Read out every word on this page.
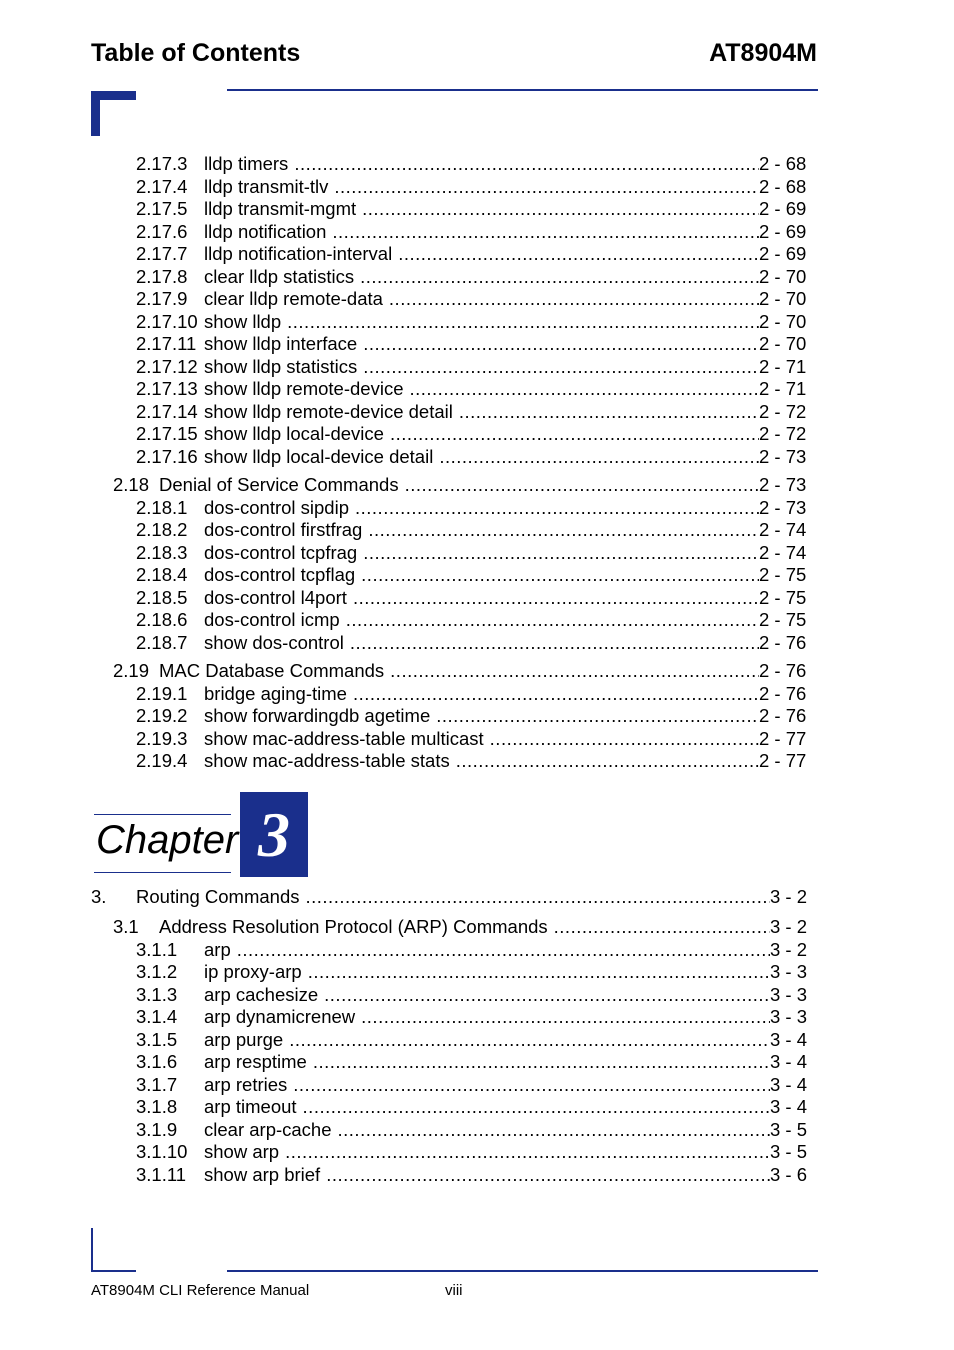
Table of Contents	AT8904M
2.17.3 lldp timers .....	2 - 68
2.17.4 lldp transmit-tlv .....	2 - 68
2.17.5 lldp transmit-mgmt .....	2 - 69
2.17.6 lldp notification .....	2 - 69
2.17.7 lldp notification-interval .....	2 - 69
2.17.8 clear lldp statistics .....	2 - 70
2.17.9 clear lldp remote-data .....	2 - 70
2.17.10 show lldp .....	2 - 70
2.17.11 show lldp interface .....	2 - 70
2.17.12 show lldp statistics .....	2 - 71
2.17.13 show lldp remote-device .....	2 - 71
2.17.14 show lldp remote-device detail .....	2 - 72
2.17.15 show lldp local-device .....	2 - 72
2.17.16 show lldp local-device detail .....	2 - 73
2.18 Denial of Service Commands .....	2 - 73
2.18.1 dos-control sipdip .....	2 - 73
2.18.2 dos-control firstfrag .....	2 - 74
2.18.3 dos-control tcpfrag .....	2 - 74
2.18.4 dos-control tcpflag .....	2 - 75
2.18.5 dos-control l4port .....	2 - 75
2.18.6 dos-control icmp .....	2 - 75
2.18.7 show dos-control .....	2 - 76
2.19 MAC Database Commands .....	2 - 76
2.19.1 bridge aging-time .....	2 - 76
2.19.2 show forwardingdb agetime .....	2 - 76
2.19.3 show mac-address-table multicast .....	2 - 77
2.19.4 show mac-address-table stats .....	2 - 77
3. Routing Commands .....	3 - 2
3.1 Address Resolution Protocol (ARP) Commands .....	3 - 2
3.1.1 arp .....	3 - 2
3.1.2 ip proxy-arp .....	3 - 3
3.1.3 arp cachesize .....	3 - 3
3.1.4 arp dynamicrenew .....	3 - 3
3.1.5 arp purge .....	3 - 4
3.1.6 arp resptime .....	3 - 4
3.1.7 arp retries .....	3 - 4
3.1.8 arp timeout .....	3 - 4
3.1.9 clear arp-cache .....	3 - 5
3.1.10 show arp .....	3 - 5
3.1.11 show arp brief .....	3 - 6
Chapter 3
AT8904M CLI Reference Manual	viii
